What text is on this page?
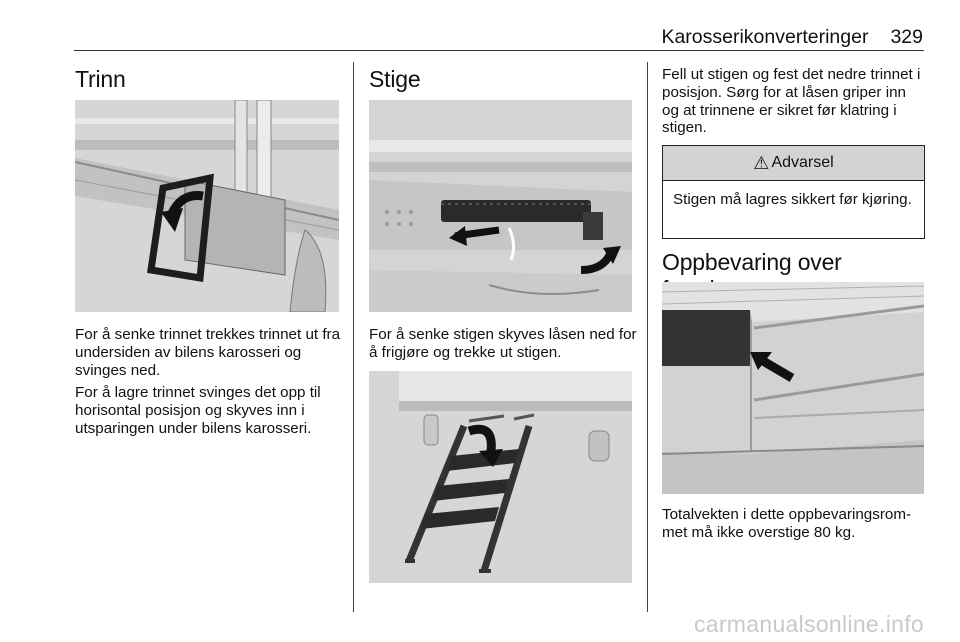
Karosserikonverteringer 329
Trinn

For å senke trinnet trekkes trinnet ut fra undersiden av bilens karosseri og svinges ned.

For å lagre trinnet svinges det opp til horisontal posisjon og skyves inn i utsparingen under bilens karosseri.

Stige

For å senke stigen skyves låsen ned for å frigjøre og trekke ut stigen.

Fell ut stigen og fest det nedre trinnet i posisjon. Sørg for at låsen griper inn og at trinnene er sikret før klatring i stigen.

⚠ Advarsel
Stigen må lagres sikkert før kjøring.
Oppbevaring over

Totalvekten i dette oppbevaringsrom-met må ikke overstige 80 kg.

carmanualsonline.info
